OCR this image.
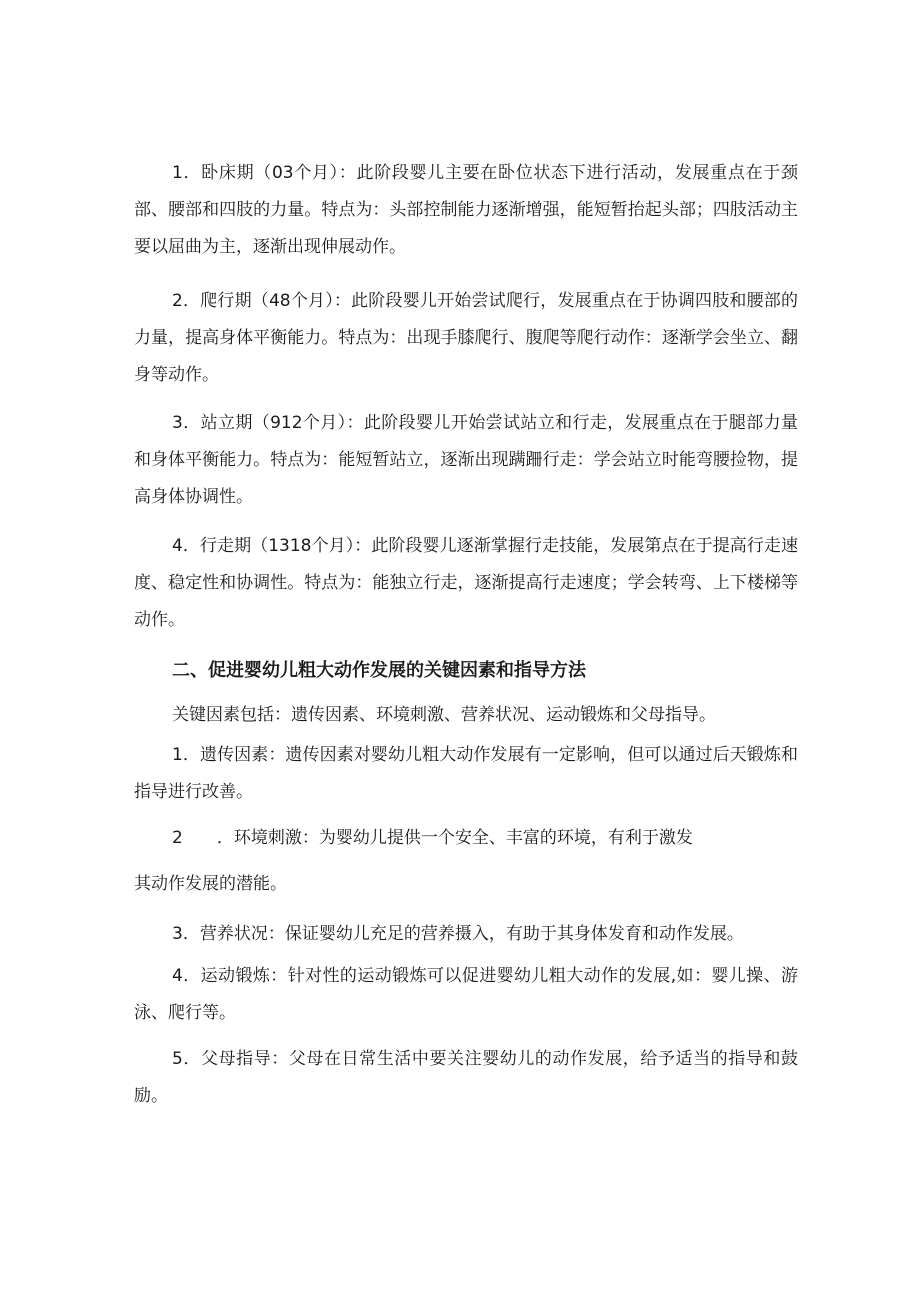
1．卧床期（03个月）：此阶段婴儿主要在卧位状态下进行活动，发展重点在于颈部、腰部和四肢的力量。特点为：头部控制能力逐渐增强，能短暂抬起头部；四肢活动主要以屈曲为主，逐渐出现伸展动作。

2．爬行期（48个月）：此阶段婴儿开始尝试爬行，发展重点在于协调四肢和腰部的力量，提高身体平衡能力。特点为：出现手膝爬行、腹爬等爬行动作：逐渐学会坐立、翻身等动作。

3．站立期（912个月）：此阶段婴儿开始尝试站立和行走，发展重点在于腿部力量和身体平衡能力。特点为：能短暂站立，逐渐出现蹒跚行走：学会站立时能弯腰捡物，提高身体协调性。

4．行走期（1318个月）：此阶段婴儿逐渐掌握行走技能，发展第点在于提高行走速度、稳定性和协调性。特点为：能独立行走，逐渐提高行走速度；学会转弯、上下楼梯等动作。

二、促进婴幼儿粗大动作发展的关键因素和指导方法

关键因素包括：遗传因素、环境刺激、营养状况、运动锻炼和父母指导。

1．遗传因素：遗传因素对婴幼儿粗大动作发展有一定影响，但可以通过后天锻炼和指导进行改善。

2　　．环境刺激：为婴幼儿提供一个安全、丰富的环境，有利于激发

其动作发展的潜能。

3．营养状况：保证婴幼儿充足的营养摄入，有助于其身体发育和动作发展。

4．运动锻炼：针对性的运动锻炼可以促进婴幼儿粗大动作的发展,如：婴儿操、游泳、爬行等。

5．父母指导：父母在日常生活中要关注婴幼儿的动作发展，给予适当的指导和鼓励。
